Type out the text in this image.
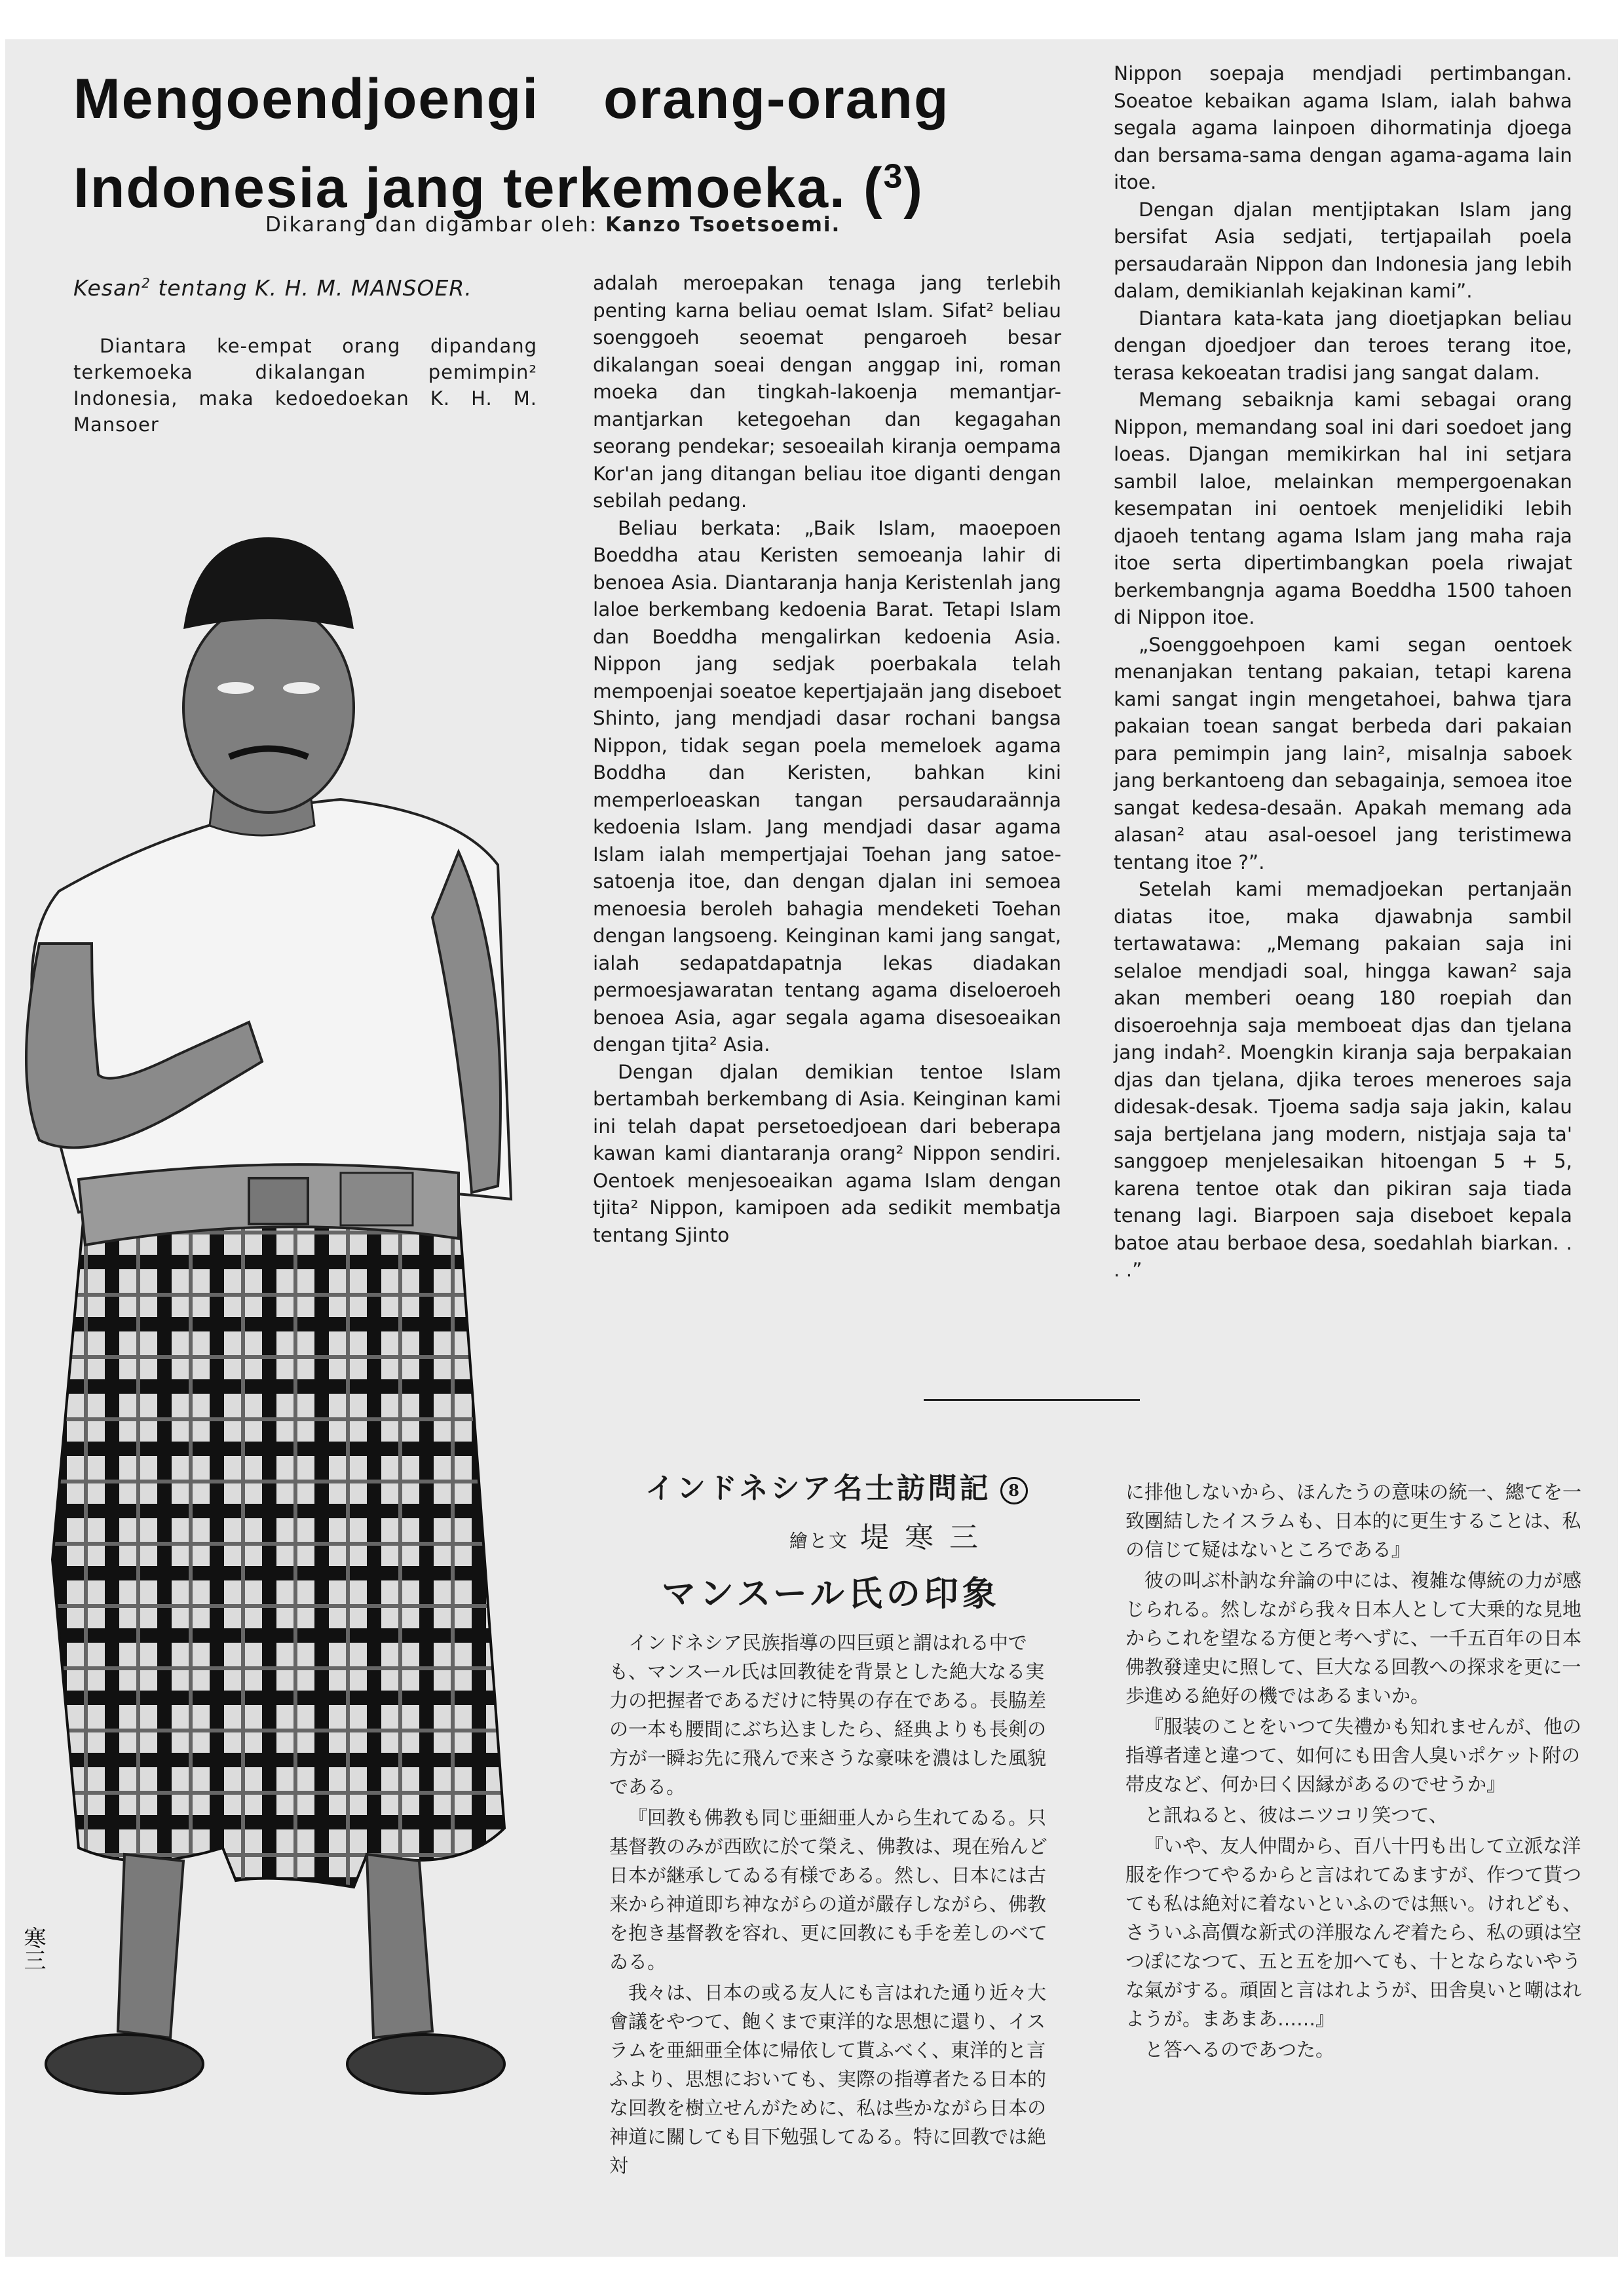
Mengoendjoengi orang-orang
Indonesia jang terkemoeka. ($^3$)
Dikarang dan digambar oleh: Kanzo Tsoetsoemi.
Kesan$^2$ tentang K. H. M. MANSOER.

Diantara ke-empat orang dipandang terkemoeka dikalangan pemimpin² Indonesia, maka kedoedoekan K. H. M. Mansoer

寒三

adalah meroepakan tenaga jang terlebih penting karna beliau oemat Islam. Sifat² beliau soenggoeh seoemat pengaroeh besar dikalangan soeai dengan anggap ini, roman moeka dan tingkah-lakoenja memantjar-mantjarkan ketegoehan dan kegagahan seorang pendekar; sesoeailah kiranja oempama Kor'an jang ditangan beliau itoe diganti dengan sebilah pedang.

Beliau berkata: „Baik Islam, maoepoen Boeddha atau Keristen semoeanja lahir di benoea Asia. Diantaranja hanja Keristenlah jang laloe berkembang kedoenia Barat. Tetapi Islam dan Boeddha mengalirkan kedoenia Asia. Nippon jang sedjak poerbakala telah mempoenjai soeatoe kepertjajaän jang diseboet Shinto, jang mendjadi dasar rochani bangsa Nippon, tidak segan poela memeloek agama Boddha dan Keristen, bahkan kini memperloeaskan tangan persaudaraännja kedoenia Islam. Jang mendjadi dasar agama Islam ialah mempertjajai Toehan jang satoe-satoenja itoe, dan dengan djalan ini semoea menoesia beroleh bahagia mendeketi Toehan dengan langsoeng. Keinginan kami jang sangat, ialah sedapatdapatnja lekas diadakan permoesjawaratan tentang agama diseloeroeh benoea Asia, agar segala agama disesoeaikan dengan tjita² Asia.

Dengan djalan demikian tentoe Islam bertambah berkembang di Asia. Keinginan kami ini telah dapat persetoedjoean dari beberapa kawan kami diantaranja orang² Nippon sendiri. Oentoek menjesoeaikan agama Islam dengan tjita² Nippon, kamipoen ada sedikit membatja tentang Sjinto

Nippon soepaja mendjadi pertimbangan. Soeatoe kebaikan agama Islam, ialah bahwa segala agama lainpoen dihormatinja djoega dan bersama-sama dengan agama-agama lain itoe.

Dengan djalan mentjiptakan Islam jang bersifat Asia sedjati, tertjapailah poela persaudaraän Nippon dan Indonesia jang lebih dalam, demikianlah kejakinan kami”.

Diantara kata-kata jang dioetjapkan beliau dengan djoedjoer dan teroes terang itoe, terasa kekoeatan tradisi jang sangat dalam.

Memang sebaiknja kami sebagai orang Nippon, memandang soal ini dari soedoet jang loeas. Djangan memikirkan hal ini setjara sambil laloe, melainkan mempergoenakan kesempatan ini oentoek menjelidiki lebih djaoeh tentang agama Islam jang maha raja itoe serta dipertimbangkan poela riwajat berkembangnja agama Boeddha 1500 tahoen di Nippon itoe.

„Soenggoehpoen kami segan oentoek menanjakan tentang pakaian, tetapi karena kami sangat ingin mengetahoei, bahwa tjara pakaian toean sangat berbeda dari pakaian para pemimpin jang lain², misalnja saboek jang berkantoeng dan sebagainja, semoea itoe sangat kedesa-desaän. Apakah memang ada alasan² atau asal-oesoel jang teristimewa tentang itoe ?”.

Setelah kami memadjoekan pertanjaän diatas itoe, maka djawabnja sambil tertawatawa: „Memang pakaian saja ini selaloe mendjadi soal, hingga kawan² saja akan memberi oeang 180 roepiah dan disoeroehnja saja memboeat djas dan tjelana jang indah². Moengkin kiranja saja berpakaian djas dan tjelana, djika teroes meneroes saja didesak-desak. Tjoema sadja saja jakin, kalau saja bertjelana jang modern, nistjaja saja ta' sanggoep menjelesaikan hitoengan 5 + 5, karena tentoe otak dan pikiran saja tiada tenang lagi. Biarpoen saja diseboet kepala batoe atau berbaoe desa, soedahlah biarkan. . . .”

インドネシア名士訪問記 8
繪と文 堤寒三
マンスール氏の印象

インドネシア民族指導の四巨頭と謂はれる中でも、マンスール氏は回教徒を背景とした絶大なる実力の把握者であるだけに特異の存在である。長脇差の一本も腰間にぶち込ましたら、経典よりも長剣の方が一瞬お先に飛んで来さうな豪味を濃はした風貌である。

『回教も佛教も同じ亜細亜人から生れてゐる。只基督教のみが西欧に於て榮え、佛教は、現在殆んど日本が継承してゐる有様である。然し、日本には古来から神道即ち神ながらの道が嚴存しながら、佛教を抱き基督教を容れ、更に回教にも手を差しのべてゐる。

我々は、日本の或る友人にも言はれた通り近々大會議をやつて、飽くまで東洋的な思想に還り、イスラムを亜細亜全体に帰依して貰ふべく、東洋的と言ふより、思想においても、実際の指導者たる日本的な回教を樹立せんがために、私は些かながら日本の神道に關しても目下勉强してゐる。特に回教では絶対

に排他しないから、ほんたうの意味の統一、總てを一致團結したイスラムも、日本的に更生することは、私の信じて疑はないところである』

彼の叫ぶ朴訥な弁論の中には、複雑な傳統の力が感じられる。然しながら我々日本人として大乗的な見地からこれを望なる方便と考へずに、一千五百年の日本佛教發達史に照して、巨大なる回教への探求を更に一歩進める絶好の機ではあるまいか。

『服装のことをいつて失禮かも知れませんが、他の指導者達と違つて、如何にも田舎人臭いポケット附の帯皮など、何か曰く因縁があるのでせうか』

と訊ねると、彼はニツコリ笑つて、

『いや、友人仲間から、百八十円も出して立派な洋服を作つてやるからと言はれてゐますが、作つて貰つても私は絶対に着ないといふのでは無い。けれども、さういふ高價な新式の洋服なんぞ着たら、私の頭は空つぽになつて、五と五を加へても、十とならないやうな氣がする。頑固と言はれようが、田舎臭いと嘲はれようが。まあまあ……』

と答へるのであつた。
